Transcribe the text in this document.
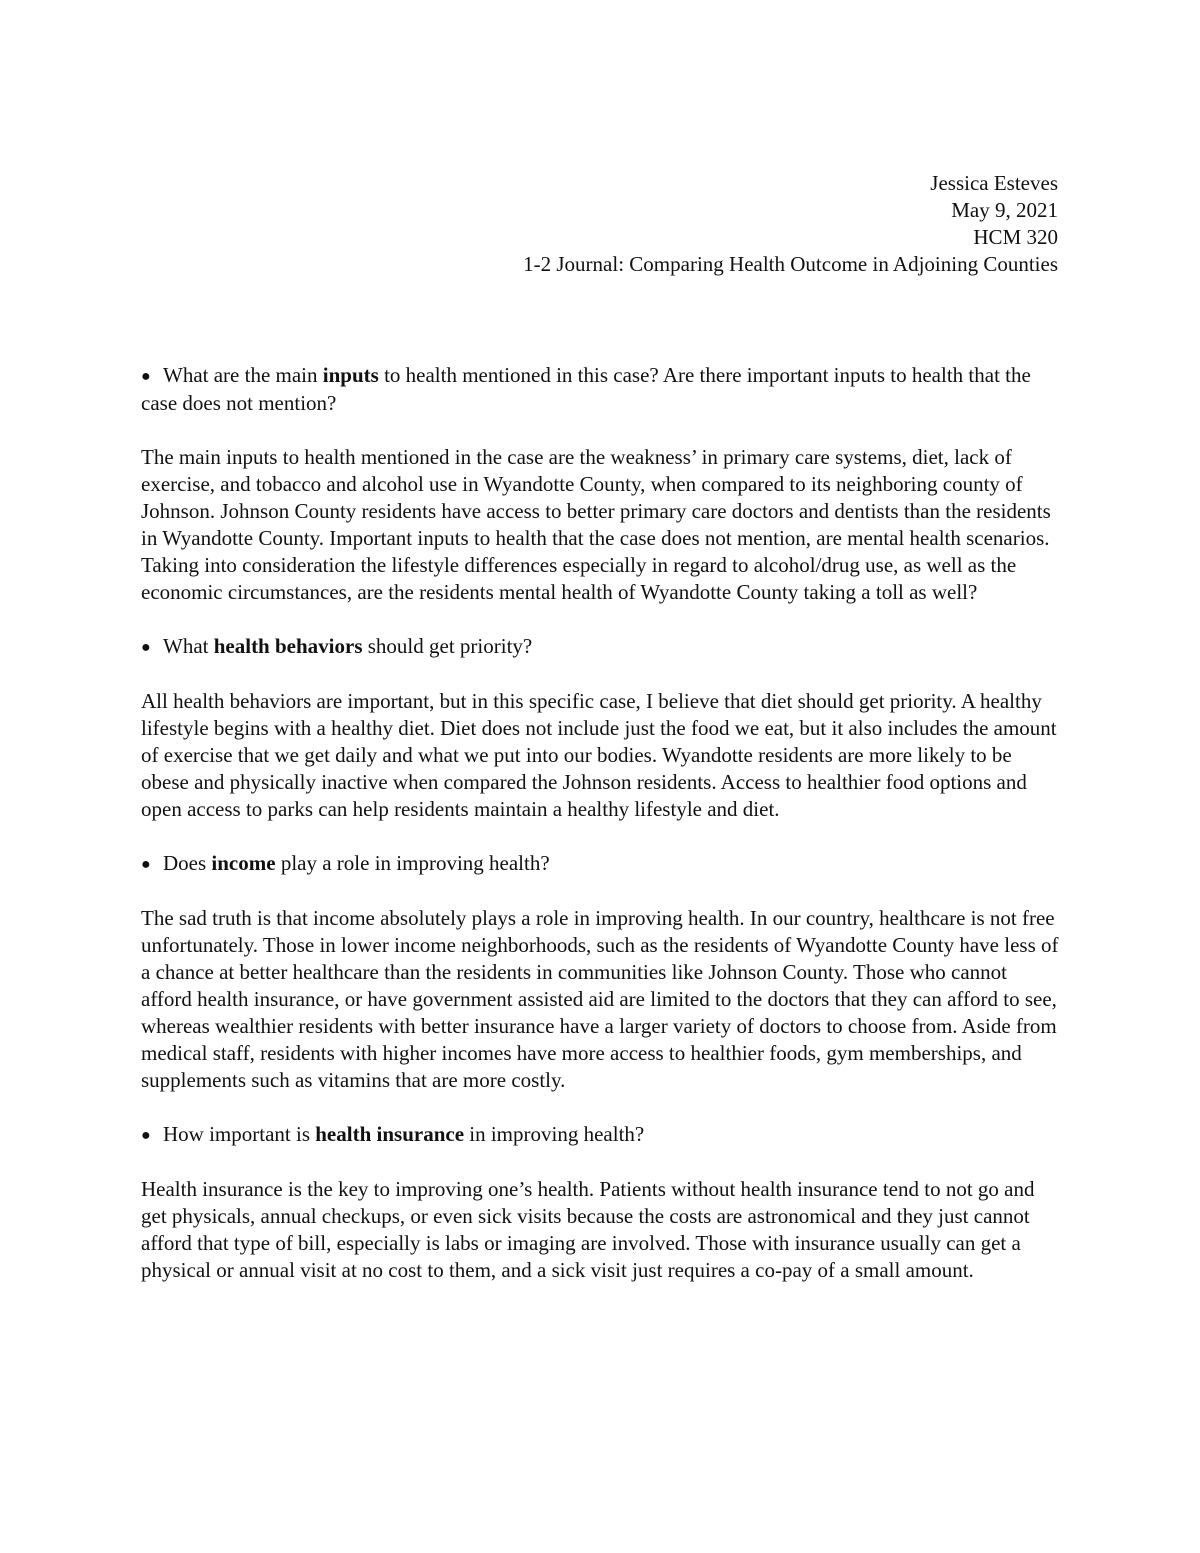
Jessica Esteves
May 9, 2021
HCM 320
1-2 Journal: Comparing Health Outcome in Adjoining Counties
● What are the main inputs to health mentioned in this case? Are there important inputs to health that the case does not mention?

The main inputs to health mentioned in the case are the weakness’ in primary care systems, diet, lack of exercise, and tobacco and alcohol use in Wyandotte County, when compared to its neighboring county of Johnson. Johnson County residents have access to better primary care doctors and dentists than the residents in Wyandotte County. Important inputs to health that the case does not mention, are mental health scenarios. Taking into consideration the lifestyle differences especially in regard to alcohol/drug use, as well as the economic circumstances, are the residents mental health of Wyandotte County taking a toll as well?

● What health behaviors should get priority?

All health behaviors are important, but in this specific case, I believe that diet should get priority. A healthy lifestyle begins with a healthy diet. Diet does not include just the food we eat, but it also includes the amount of exercise that we get daily and what we put into our bodies. Wyandotte residents are more likely to be obese and physically inactive when compared the Johnson residents. Access to healthier food options and open access to parks can help residents maintain a healthy lifestyle and diet.

● Does income play a role in improving health?

The sad truth is that income absolutely plays a role in improving health. In our country, healthcare is not free unfortunately. Those in lower income neighborhoods, such as the residents of Wyandotte County have less of a chance at better healthcare than the residents in communities like Johnson County. Those who cannot afford health insurance, or have government assisted aid are limited to the doctors that they can afford to see, whereas wealthier residents with better insurance have a larger variety of doctors to choose from. Aside from medical staff, residents with higher incomes have more access to healthier foods, gym memberships, and supplements such as vitamins that are more costly.

● How important is health insurance in improving health?

Health insurance is the key to improving one’s health. Patients without health insurance tend to not go and get physicals, annual checkups, or even sick visits because the costs are astronomical and they just cannot afford that type of bill, especially is labs or imaging are involved. Those with insurance usually can get a physical or annual visit at no cost to them, and a sick visit just requires a co-pay of a small amount.
